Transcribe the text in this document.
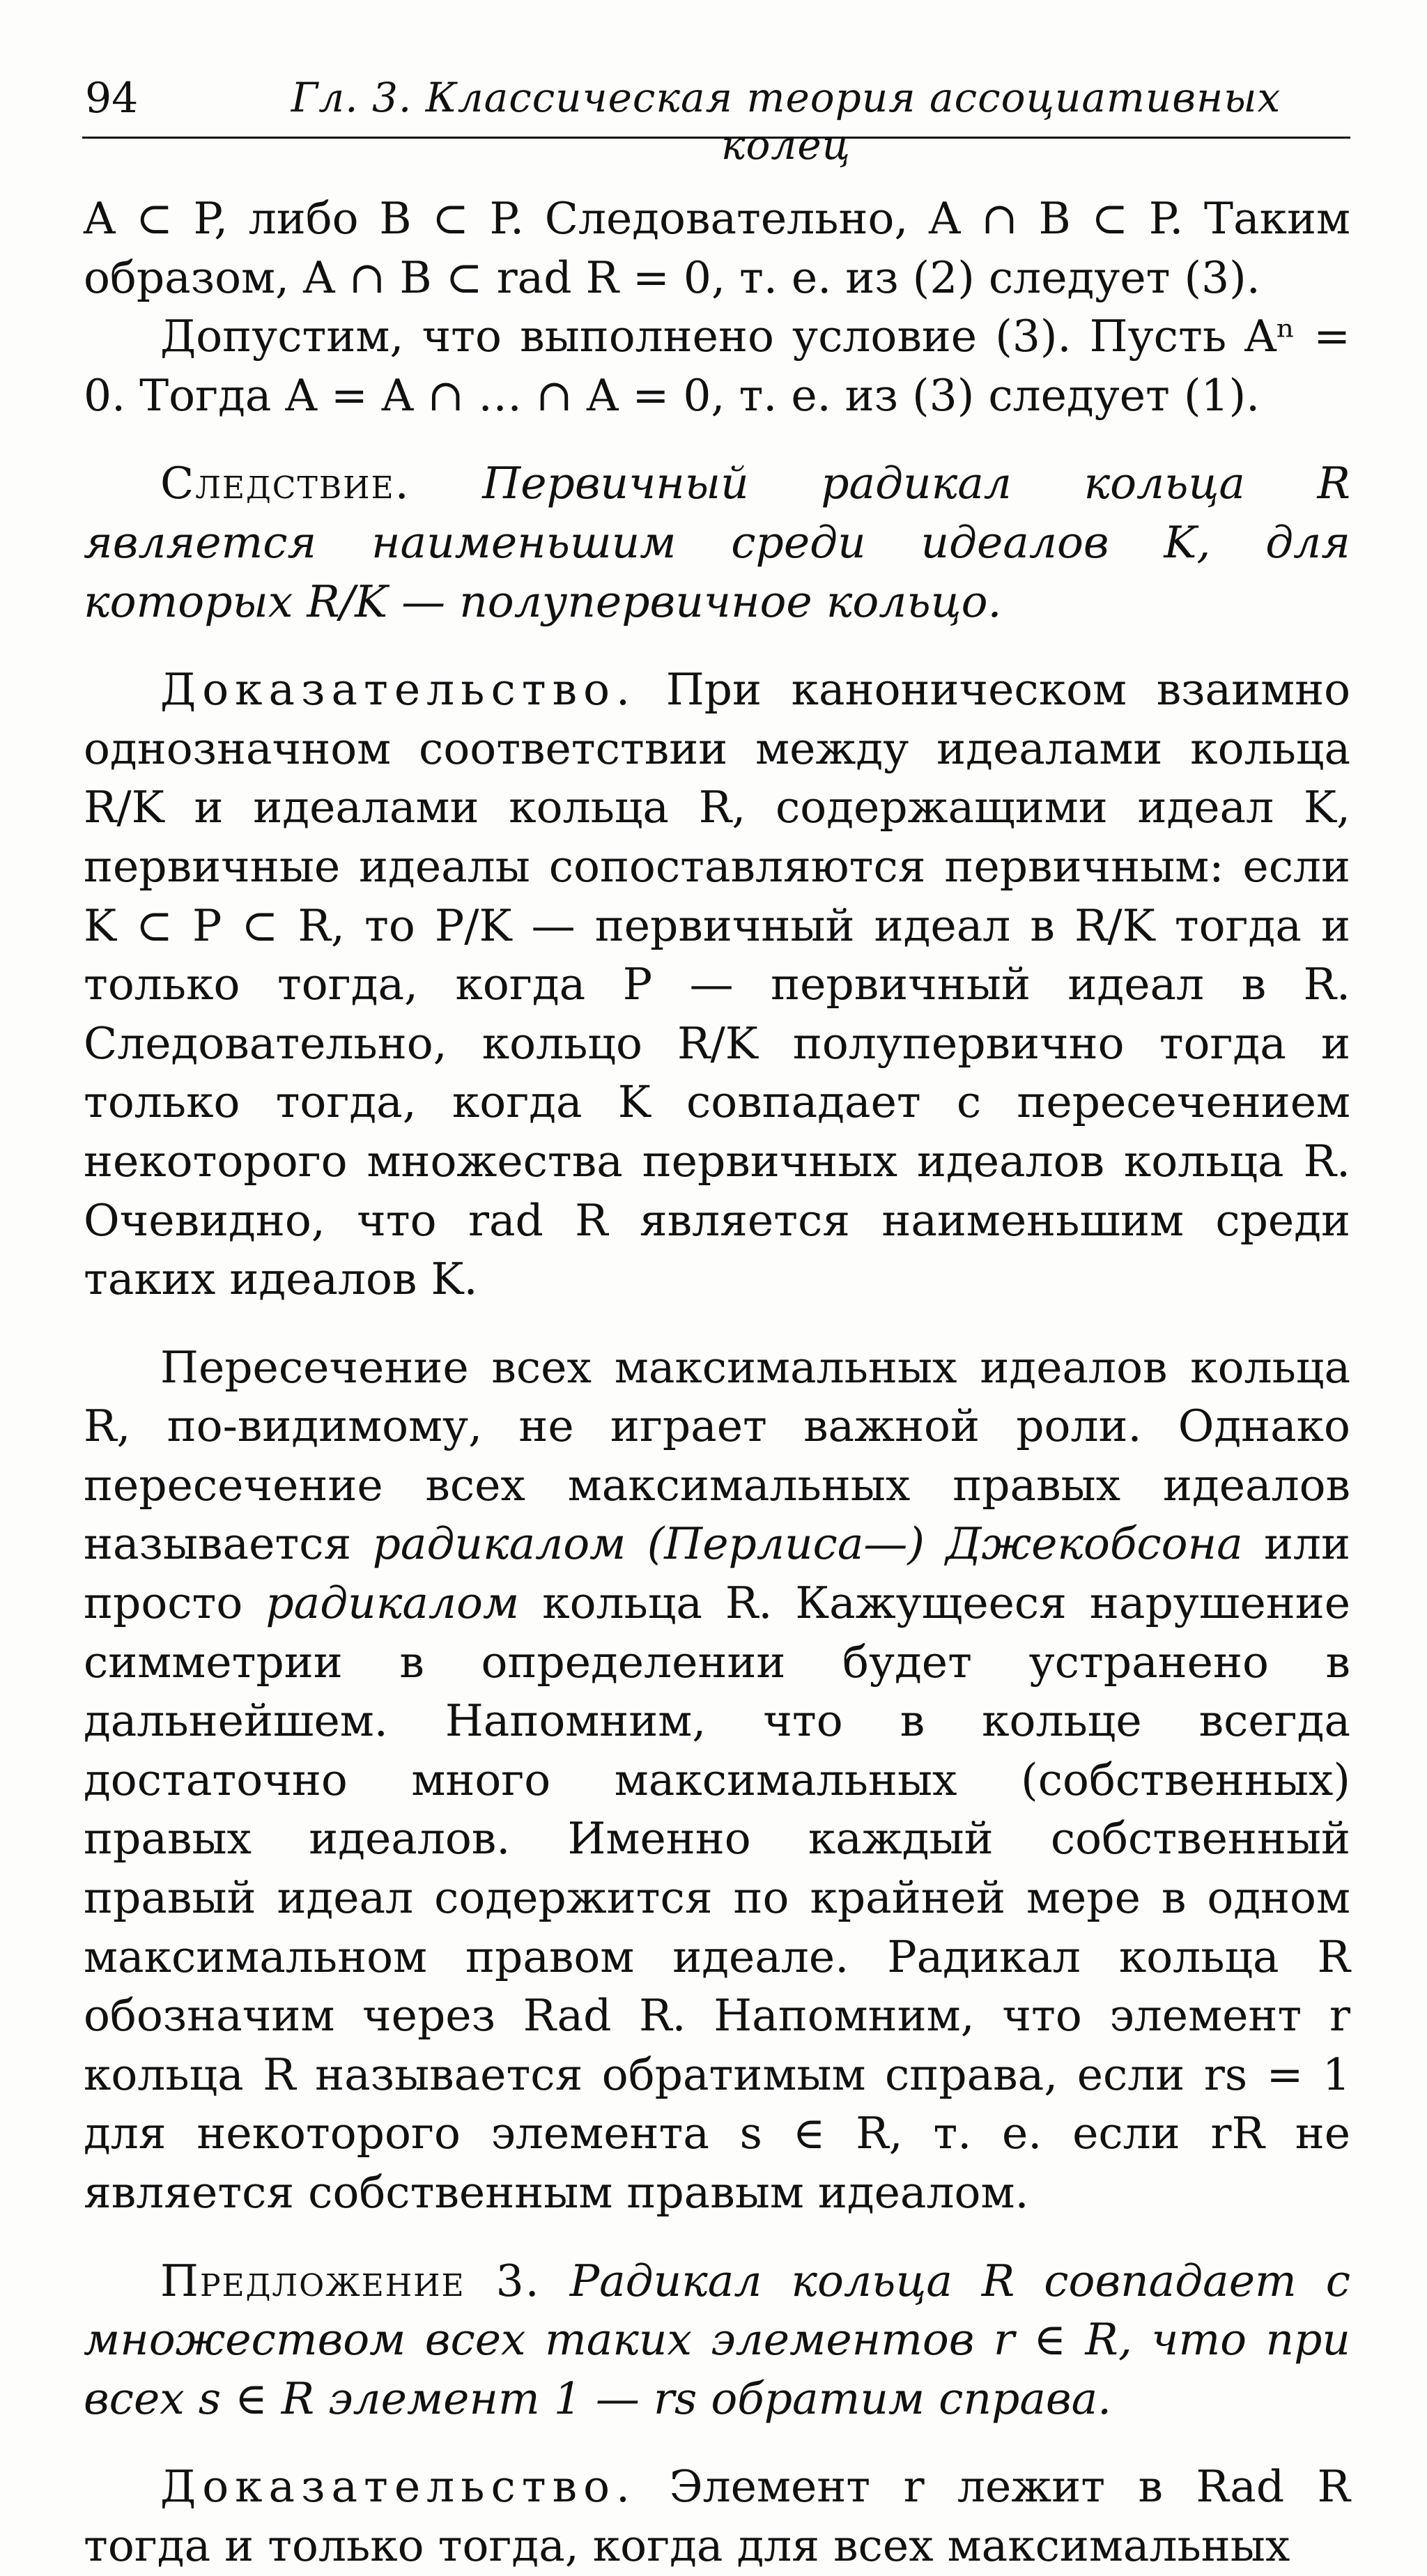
94	Гл. 3. Классическая теория ассоциативных колец

A ⊂ P, либо B ⊂ P. Следовательно, A ∩ B ⊂ P. Таким образом, A ∩ B ⊂ rad R = 0, т. е. из (2) следует (3).

Допустим, что выполнено условие (3). Пусть Aⁿ = 0. Тогда A = A ∩ … ∩ A = 0, т. е. из (3) следует (1).

Следствие. Первичный радикал кольца R является наименьшим среди идеалов K, для которых R/K — полупервичное кольцо.

Доказательство. При каноническом взаимно однозначном соответствии между идеалами кольца R/K и идеалами кольца R, содержащими идеал K, первичные идеалы сопоставляются первичным: если K ⊂ P ⊂ R, то P/K — первичный идеал в R/K тогда и только тогда, когда P — первичный идеал в R. Следовательно, кольцо R/K полупервично тогда и только тогда, когда K совпадает с пересечением некоторого множества первичных идеалов кольца R. Очевидно, что rad R является наименьшим среди таких идеалов K.

Пересечение всех максимальных идеалов кольца R, по-видимому, не играет важной роли. Однако пересечение всех максимальных правых идеалов называется радикалом (Перлиса—) Джекобсона или просто радикалом кольца R. Кажущееся нарушение симметрии в определении будет устранено в дальнейшем. Напомним, что в кольце всегда достаточно много максимальных (собственных) правых идеалов. Именно каждый собственный правый идеал содержится по крайней мере в одном максимальном правом идеале. Радикал кольца R обозначим через Rad R. Напомним, что элемент r кольца R называется обратимым справа, если rs = 1 для некоторого элемента s ∈ R, т. е. если rR не является собственным правым идеалом.

Предложение 3. Радикал кольца R совпадает с множеством всех таких элементов r ∈ R, что при всех s ∈ R элемент 1 — rs обратим справа.

Доказательство. Элемент r лежит в Rad R тогда и только тогда, когда для всех максимальных
